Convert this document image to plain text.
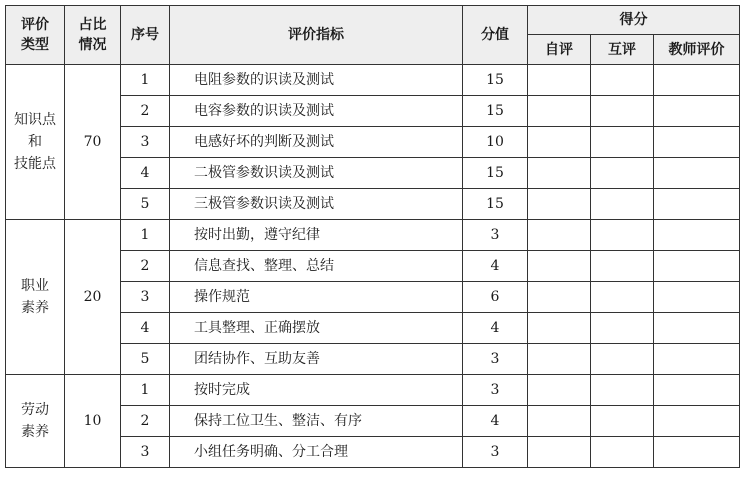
评价
类型	占比
情况	序号	评价指标	分值	得分		
					自评	互评	教师评价

知识点
和
技能点	70	1	电阻参数的识读及测试	15			
		2	电容参数的识读及测试	15			
		3	电感好坏的判断及测试	10			
		4	二极管参数识读及测试	15			
		5	三极管参数识读及测试	15			

职业
素养	20	1	按时出勤，遵守纪律	3			
		2	信息查找、整理、总结	4			
		3	操作规范	6			
		4	工具整理、正确摆放	4			
		5	团结协作、互助友善	3			

劳动
素养	10	1	按时完成	3			
		2	保持工位卫生、整洁、有序	4			
		3	小组任务明确、分工合理	3			
